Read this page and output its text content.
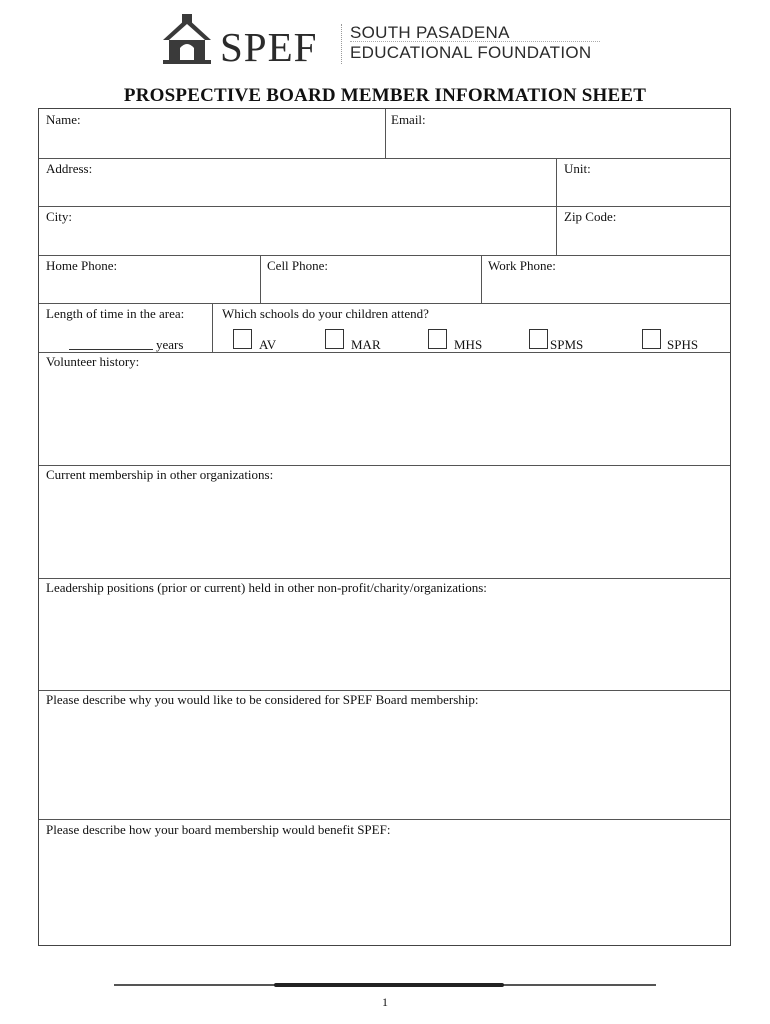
SPEF SOUTH PASADENA
EDUCATIONAL FOUNDATION
PROSPECTIVE BOARD MEMBER INFORMATION SHEET
Name:	Email:
Address:	Unit:
City:	Zip Code:
Home Phone:	Cell Phone:	Work Phone:
Length of time in the area:
years
Which schools do your children attend?
AV	MAR	MHS	SPMS	SPHS
Volunteer history:
Current membership in other organizations:
Leadership positions (prior or current) held in other non-profit/charity/organizations:
Please describe why you would like to be considered for SPEF Board membership:
Please describe how your board membership would benefit SPEF:
1
